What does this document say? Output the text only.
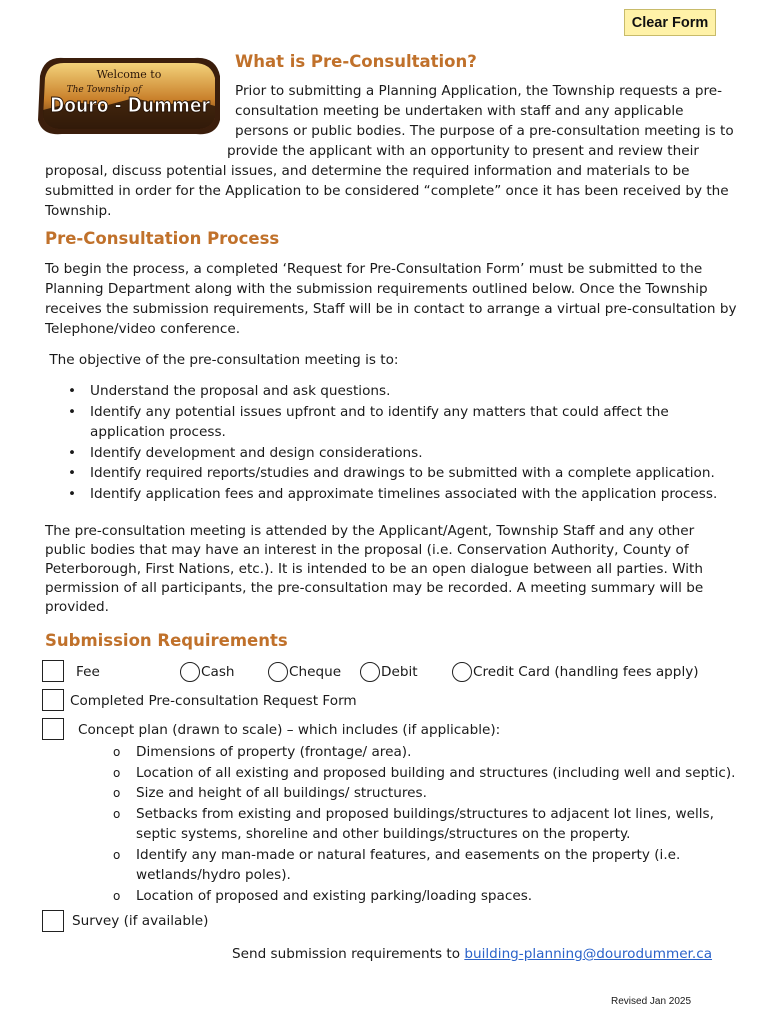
Clear Form
Welcome to
The Township of
Douro - Dummer
What is Pre-Consultation?
Prior to submitting a Planning Application, the Township requests a pre-
consultation meeting be undertaken with staff and any applicable
persons or public bodies. The purpose of a pre-consultation meeting is to
provide the applicant with an opportunity to present and review their
proposal, discuss potential issues, and determine the required information and materials to be
submitted in order for the Application to be considered “complete” once it has been received by the
Township.
Pre-Consultation Process
To begin the process, a completed ‘Request for Pre-Consultation Form’ must be submitted to the
Planning Department along with the submission requirements outlined below. Once the Township
receives the submission requirements, Staff will be in contact to arrange a virtual pre-consultation by
Telephone/video conference.
The objective of the pre-consultation meeting is to:
• Understand the proposal and ask questions.
• Identify any potential issues upfront and to identify any matters that could affect the
application process.
• Identify development and design considerations.
• Identify required reports/studies and drawings to be submitted with a complete application.
• Identify application fees and approximate timelines associated with the application process.
The pre-consultation meeting is attended by the Applicant/Agent, Township Staff and any other
public bodies that may have an interest in the proposal (i.e. Conservation Authority, County of
Peterborough, First Nations, etc.). It is intended to be an open dialogue between all parties. With
permission of all participants, the pre-consultation may be recorded. A meeting summary will be
provided.
Submission Requirements
Fee	Cash	Cheque	Debit	Credit Card (handling fees apply)
Completed Pre-consultation Request Form
Concept plan (drawn to scale) – which includes (if applicable):
o Dimensions of property (frontage/ area).
o Location of all existing and proposed building and structures (including well and septic).
o Size and height of all buildings/ structures.
o Setbacks from existing and proposed buildings/structures to adjacent lot lines, wells,
septic systems, shoreline and other buildings/structures on the property.
o Identify any man-made or natural features, and easements on the property (i.e.
wetlands/hydro poles).
o Location of proposed and existing parking/loading spaces.
Survey (if available)
Send submission requirements to building-planning@dourodummer.ca
Revised Jan 2025
